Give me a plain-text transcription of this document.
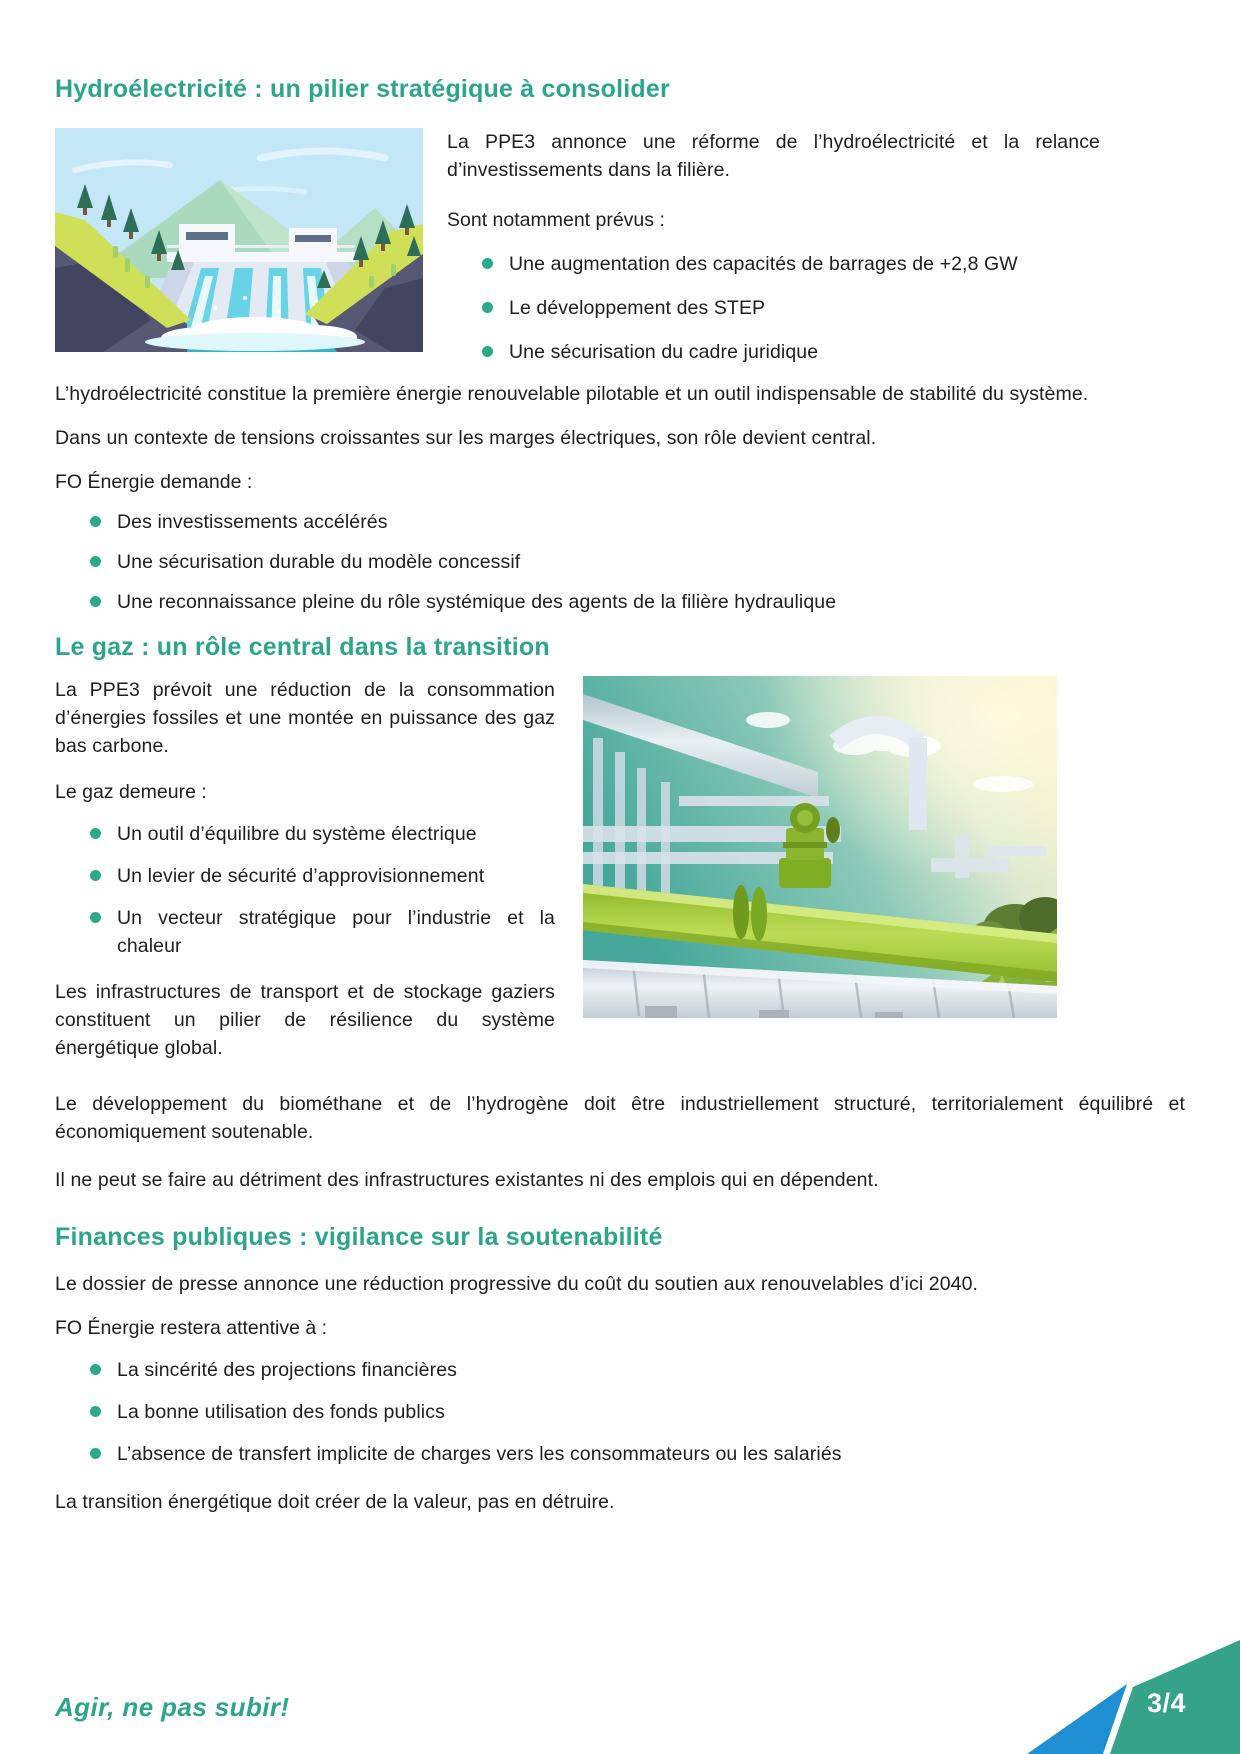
Hydroélectricité : un pilier stratégique à consolider

La PPE3 annonce une réforme de l’hydroélectricité et la relance d’investissements dans la filière.

Sont notamment prévus :

Une augmentation des capacités de barrages de +2,8 GW
Le développement des STEP
Une sécurisation du cadre juridique

L’hydroélectricité constitue la première énergie renouvelable pilotable et un outil indispensable de stabilité du système.

Dans un contexte de tensions croissantes sur les marges électriques, son rôle devient central.

FO Énergie demande :

Des investissements accélérés
Une sécurisation durable du modèle concessif
Une reconnaissance pleine du rôle systémique des agents de la filière hydraulique
Le gaz : un rôle central dans la transition

La PPE3 prévoit une réduction de la consommation d’énergies fossiles et une montée en puissance des gaz bas carbone.

Le gaz demeure :

Un outil d’équilibre du système électrique
Un levier de sécurité d’approvisionnement
Un vecteur stratégique pour l’industrie et la chaleur

Les infrastructures de transport et de stockage gaziers constituent un pilier de résilience du système énergétique global.

Le développement du biométhane et de l’hydrogène doit être industriellement structuré, territorialement équilibré et économiquement soutenable.

Il ne peut se faire au détriment des infrastructures existantes ni des emplois qui en dépendent.

Finances publiques : vigilance sur la soutenabilité

Le dossier de presse annonce une réduction progressive du coût du soutien aux renouvelables d’ici 2040.

FO Énergie restera attentive à :

La sincérité des projections financières
La bonne utilisation des fonds publics
L’absence de transfert implicite de charges vers les consommateurs ou les salariés

La transition énergétique doit créer de la valeur, pas en détruire.

Agir, ne pas subir!	3/4
